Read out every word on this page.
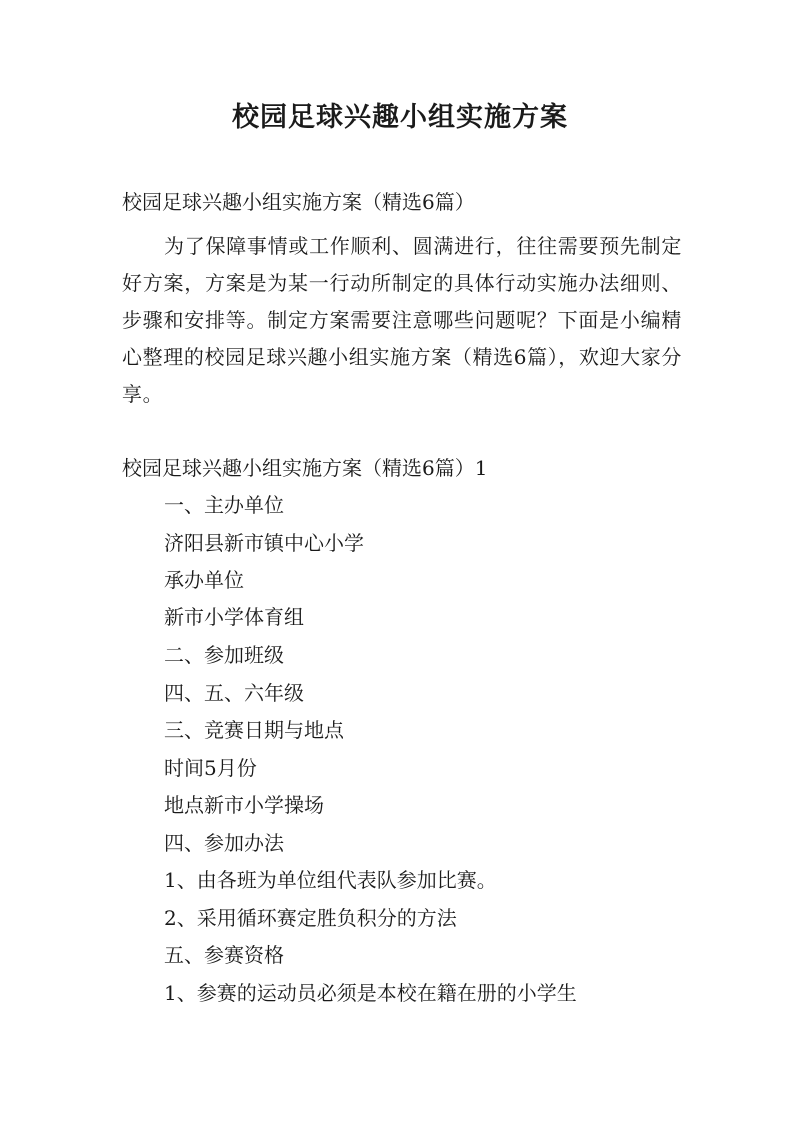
校园足球兴趣小组实施方案

校园足球兴趣小组实施方案（精选6篇）

为了保障事情或工作顺利、圆满进行，往往需要预先制定好方案，方案是为某一行动所制定的具体行动实施办法细则、步骤和安排等。制定方案需要注意哪些问题呢？下面是小编精心整理的校园足球兴趣小组实施方案（精选6篇），欢迎大家分享。

校园足球兴趣小组实施方案（精选6篇）1

一、主办单位

济阳县新市镇中心小学

承办单位

新市小学体育组

二、参加班级

四、五、六年级

三、竞赛日期与地点

时间5月份

地点新市小学操场

四、参加办法

1、由各班为单位组代表队参加比赛。

2、采用循环赛定胜负积分的方法

五、参赛资格

1、参赛的运动员必须是本校在籍在册的小学生
